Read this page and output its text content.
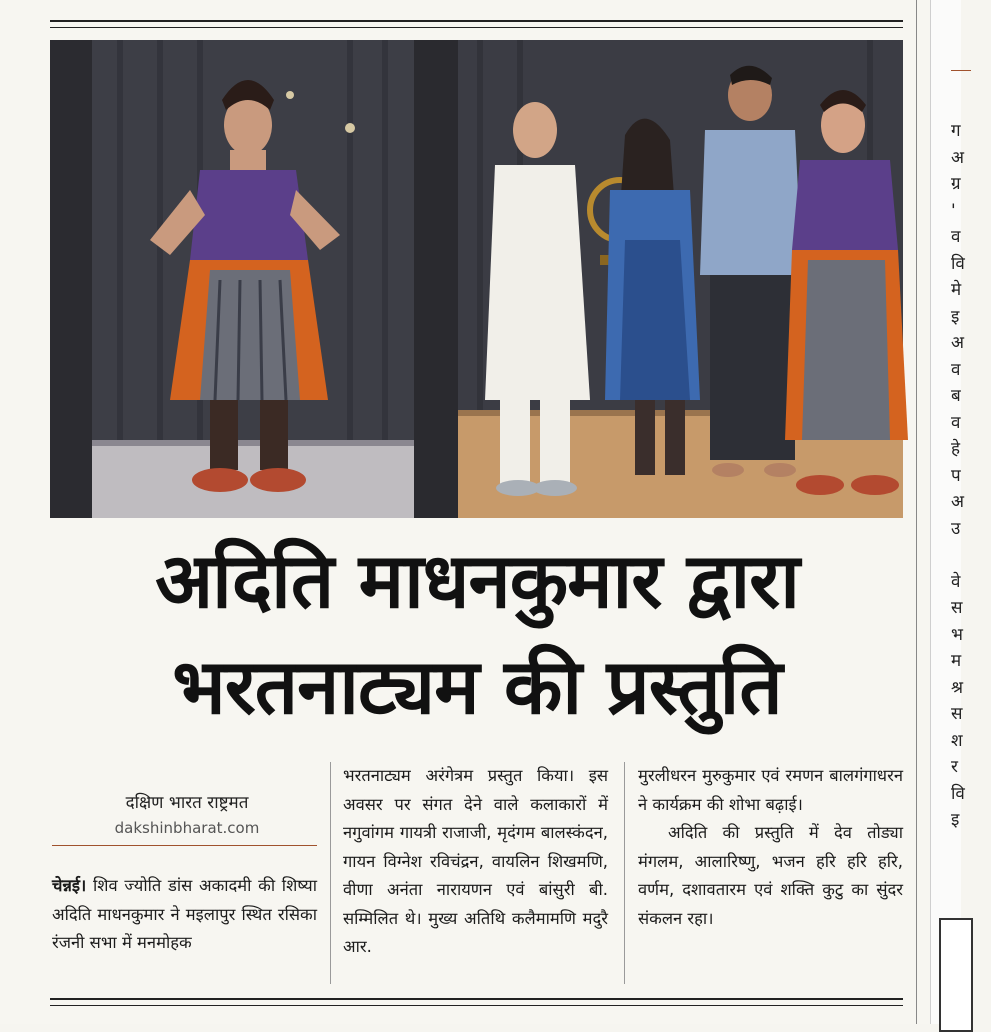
अदिति माधनकुमार द्वारा
भरतनाट्यम की प्रस्तुति
दक्षिण भारत राष्ट्रमत
dakshinbharat.com
चेन्नई। शिव ज्योति डांस अकादमी की शिष्या अदिति माधनकुमार ने मइलापुर स्थित रसिका रंजनी सभा में मनमोहक
भरतनाट्यम अरंगेत्रम प्रस्तुत किया। इस अवसर पर संगत देने वाले कलाकारों में नगुवांगम गायत्री राजाजी, मृदंगम बालस्कंदन, गायन विग्नेश रविचंद्रन, वायलिन शिखमणि, वीणा अनंता नारायणन एवं बांसुरी बी. सम्मिलित थे। मुख्य अतिथि कलैमामणि मदुरै आर.
मुरलीधरन मुरुकुमार एवं रमणन बालगंगाधरन ने कार्यक्रम की शोभा बढ़ाई।
अदिति की प्रस्तुति में देव तोड्या मंगलम, आलारिष्णु, भजन हरि हरि हरि, वर्णम, दशावतारम एवं शक्ति कुटु का सुंदर संकलन रहा।
ग
अ
ग्र
'
व
वि
मे
इ
अ
व
ब
व
हे
प
अ
उ

वे
स
भ
म
श्र
स
श
र
वि
इ
